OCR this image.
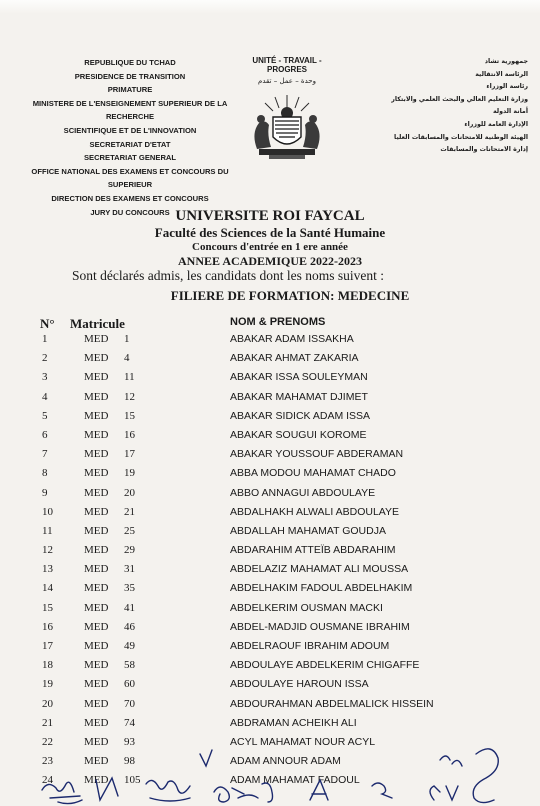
REPUBLIQUE DU TCHAD
PRESIDENCE DE TRANSITION
PRIMATURE
MINISTERE DE L'ENSEIGNEMENT SUPERIEUR DE LA RECHERCHE
SCIENTIFIQUE ET DE L'INNOVATION
SECRETARIAT D'ETAT
SECRETARIAT GENERAL
OFFICE NATIONAL DES EXAMENS ET CONCOURS DU SUPERIEUR
DIRECTION DES EXAMENS ET CONCOURS
JURY DU CONCOURS
UNITÉ - TRAVAIL - PROGRES
وحدة – عمل – تقدم
جمهورية تشاد
الرئاسة الانتقالية
رئاسة الوزراء
وزارة التعليم العالي والبحث العلمي والابتكار
أمانة الدولة
الإدارة العامة للوزراء
الهيئة الوطنية للامتحانات والمسابقات العليا
إدارة الامتحانات والمسابقات
UNIVERSITE ROI FAYCAL
Faculté des Sciences de la Santé Humaine
Concours d'entrée en 1 ere année
ANNEE ACADEMIQUE 2022-2023
Sont déclarés admis, les candidats dont les noms suivent :
FILIERE DE FORMATION: MEDECINE
N° Matricule	NOM & PRENOMS
1	MED 1	ABAKAR ADAM ISSAKHA
2	MED 4	ABAKAR AHMAT ZAKARIA
3	MED 11	ABAKAR ISSA SOULEYMAN
4	MED 12	ABAKAR MAHAMAT DJIMET
5	MED 15	ABAKAR SIDICK ADAM ISSA
6	MED 16	ABAKAR SOUGUI KOROME
7	MED 17	ABAKAR YOUSSOUF ABDERAMAN
8	MED 19	ABBA MODOU MAHAMAT CHADO
9	MED 20	ABBO ANNAGUI ABDOULAYE
10	MED 21	ABDALHAKH ALWALI ABDOULAYE
11	MED 25	ABDALLAH MAHAMAT GOUDJA
12	MED 29	ABDARAHIM ATTEÏB ABDARAHIM
13	MED 31	ABDELAZIZ MAHAMAT ALI MOUSSA
14	MED 35	ABDELHAKIM FADOUL ABDELHAKIM
15	MED 41	ABDELKERIM OUSMAN MACKI
16	MED 46	ABDEL-MADJID OUSMANE IBRAHIM
17	MED 49	ABDELRAOUF IBRAHIM ADOUM
18	MED 58	ABDOULAYE ABDELKERIM CHIGAFFE
19	MED 60	ABDOULAYE HAROUN ISSA
20	MED 70	ABDOURAHMAN ABDELMALICK HISSEIN
21	MED 74	ABDRAMAN ACHEIKH ALI
22	MED 93	ACYL MAHAMAT NOUR ACYL
23	MED 98	ADAM ANNOUR ADAM
24	MED 105	ADAM MAHAMAT FADOUL
